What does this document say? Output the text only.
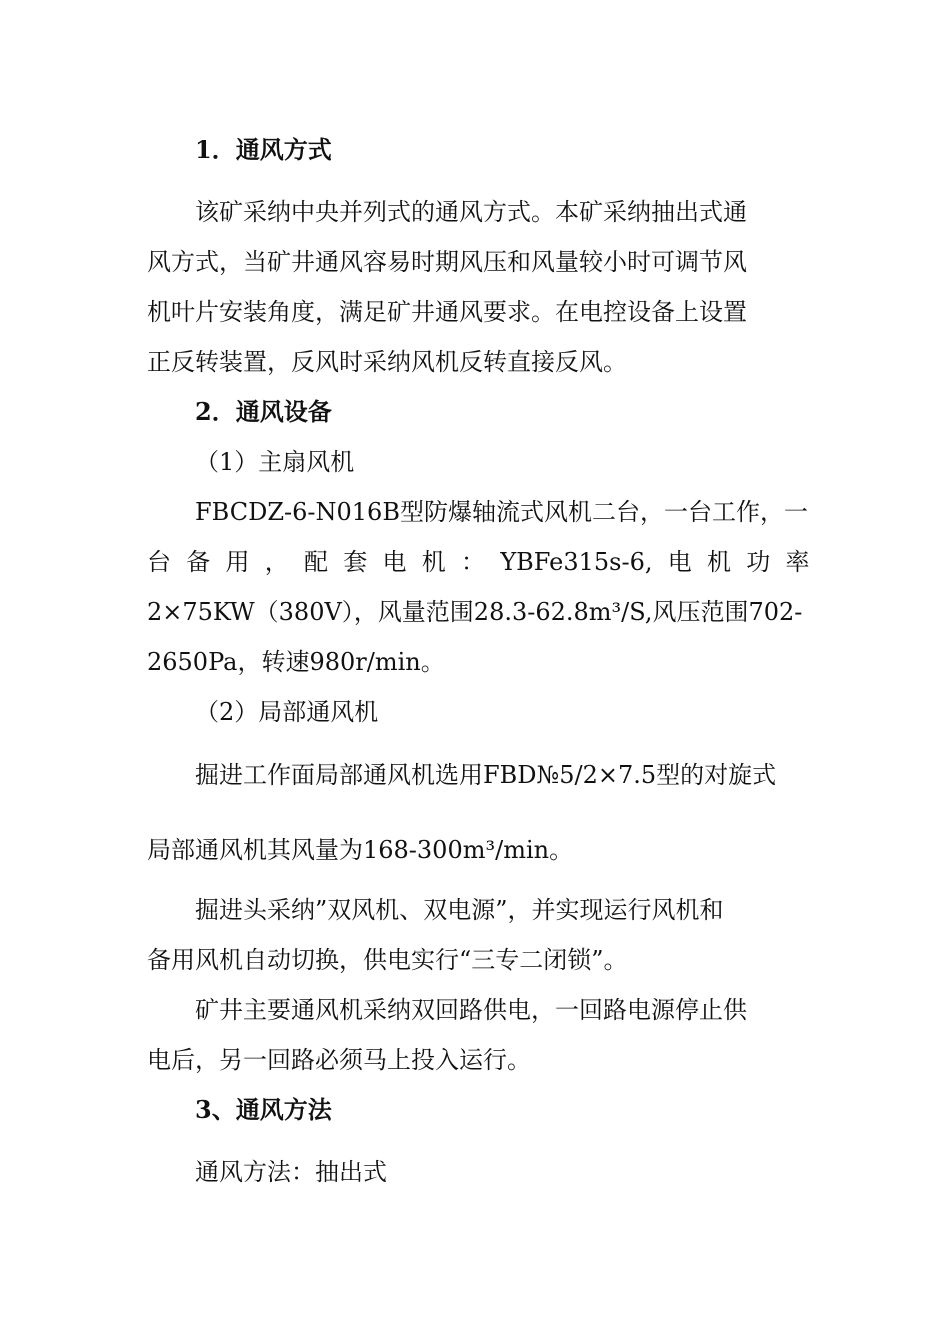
1．通风方式
该矿采纳中央并列式的通风方式。本矿采纳抽出式通
风方式，当矿井通风容易时期风压和风量较小时可调节风
机叶片安装角度，满足矿井通风要求。在电控设备上设置
正反转装置，反风时采纳风机反转直接反风。
2．通风设备
（1）主扇风机
FBCDZ-6-N016B型防爆轴流式风机二台，一台工作，一
台  备  用  ，  配  套  电  机  ：  YBFe315s-6,  电  机  功  率
2×75KW（380V），风量范围28.3-62.8m³/S,风压范围702-
2650Pa，转速980r/min。
（2）局部通风机
掘进工作面局部通风机选用FBD№5/2×7.5型的对旋式
局部通风机其风量为168-300m³/min。
掘进头采纳”双风机、双电源”，并实现运行风机和
备用风机自动切换，供电实行“三专二闭锁”。
矿井主要通风机采纳双回路供电，一回路电源停止供
电后，另一回路必须马上投入运行。
3、通风方法
通风方法：抽出式
